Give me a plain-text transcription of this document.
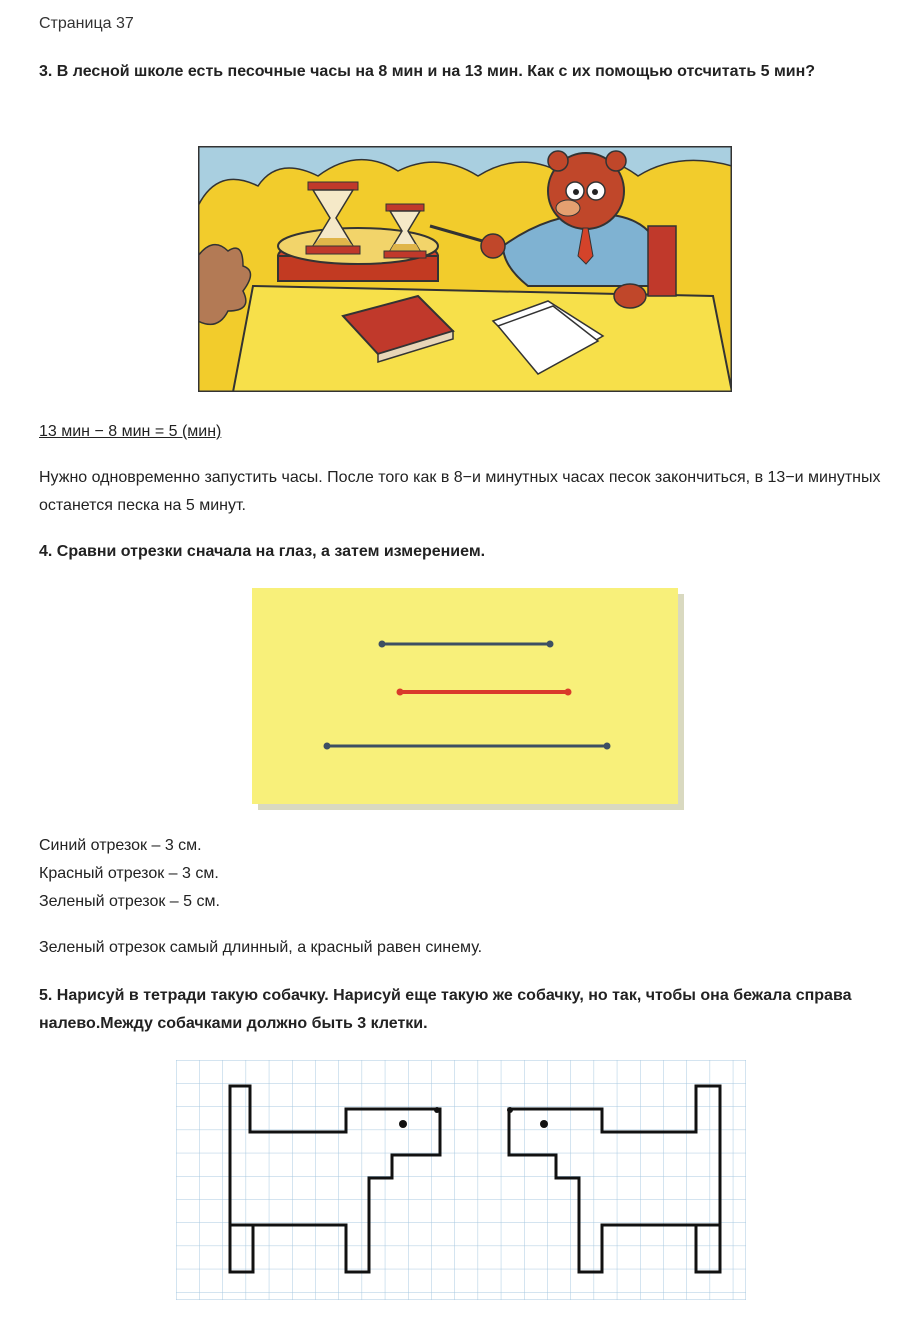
Страница 37

3. В лесной школе есть песочные часы на 8 мин и на 13 мин. Как с их помощью отсчитать 5 мин?

13 мин − 8 мин = 5 (мин)

Нужно одновременно запустить часы. После того как в 8−и минутных часах песок закончиться, в 13−и минутных останется песка на 5 минут.

4. Сравни отрезки сначала на глаз, а затем измерением.

Синий отрезок – 3 см.

Красный отрезок – 3 см.

Зеленый отрезок – 5 см.

Зеленый отрезок самый длинный, а красный равен синему.

5. Нарисуй в тетради такую собачку. Нарисуй еще такую же собачку, но так, чтобы она бежала справа налево.Между собачками должно быть 3 клетки.
